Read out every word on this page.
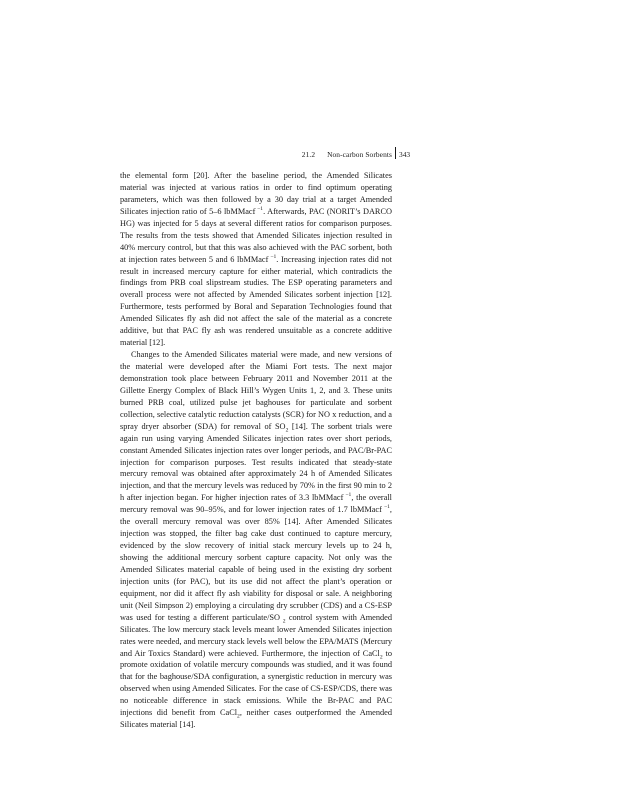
21.2 Non-carbon Sorbents 343

the elemental form [20]. After the baseline period, the Amended Silicates material was injected at various ratios in order to find optimum operating parameters, which was then followed by a 30 day trial at a target Amended Silicates injection ratio of 5–6 lbMMacf $^{-1}$. Afterwards, PAC (NORIT’s DARCO HG) was injected for 5 days at several different ratios for comparison purposes. The results from the tests showed that Amended Silicates injection resulted in 40% mercury control, but that this was also achieved with the PAC sorbent, both at injection rates between 5 and 6 lbMMacf $^{-1}$. Increasing injection rates did not result in increased mercury capture for either material, which contradicts the findings from PRB coal slipstream studies. The ESP operating parameters and overall process were not affected by Amended Silicates sorbent injection [12]. Furthermore, tests performed by Boral and Separation Technologies found that Amended Silicates fly ash did not affect the sale of the material as a concrete additive, but that PAC fly ash was rendered unsuitable as a concrete additive material [12].

Changes to the Amended Silicates material were made, and new versions of the material were developed after the Miami Fort tests. The next major demonstration took place between February 2011 and November 2011 at the Gillette Energy Complex of Black Hill’s Wygen Units 1, 2, and 3. These units burned PRB coal, utilized pulse jet baghouses for particulate and sorbent collection, selective catalytic reduction catalysts (SCR) for NO x reduction, and a spray dryer absorber (SDA) for removal of $SO_2$ [14]. The sorbent trials were again run using varying Amended Silicates injection rates over short periods, constant Amended Silicates injection rates over longer periods, and PAC/Br-PAC injection for comparison purposes. Test results indicated that steady-state mercury removal was obtained after approximately 24 h of Amended Silicates injection, and that the mercury levels was reduced by 70% in the first 90 min to 2 h after injection began. For higher injection rates of 3.3 lbMMacf $^{-1}$, the overall mercury removal was 90–95%, and for lower injection rates of 1.7 lbMMacf $^{-1}$, the overall mercury removal was over 85% [14]. After Amended Silicates injection was stopped, the filter bag cake dust continued to capture mercury, evidenced by the slow recovery of initial stack mercury levels up to 24 h, showing the additional mercury sorbent capture capacity. Not only was the Amended Silicates material capable of being used in the existing dry sorbent injection units (for PAC), but its use did not affect the plant’s operation or equipment, nor did it affect fly ash viability for disposal or sale. A neighboring unit (Neil Simpson 2) employing a circulating dry scrubber (CDS) and a CS-ESP was used for testing a different particulate/SO $_2$ control system with Amended Silicates. The low mercury stack levels meant lower Amended Silicates injection rates were needed, and mercury stack levels well below the EPA/MATS (Mercury and Air Toxics Standard) were achieved. Furthermore, the injection of CaCl$_2$ to promote oxidation of volatile mercury compounds was studied, and it was found that for the baghouse/SDA configuration, a synergistic reduction in mercury was observed when using Amended Silicates. For the case of CS-ESP/CDS, there was no noticeable difference in stack emissions. While the Br-PAC and PAC injections did benefit from CaCl$_2$, neither cases outperformed the Amended Silicates material [14].
